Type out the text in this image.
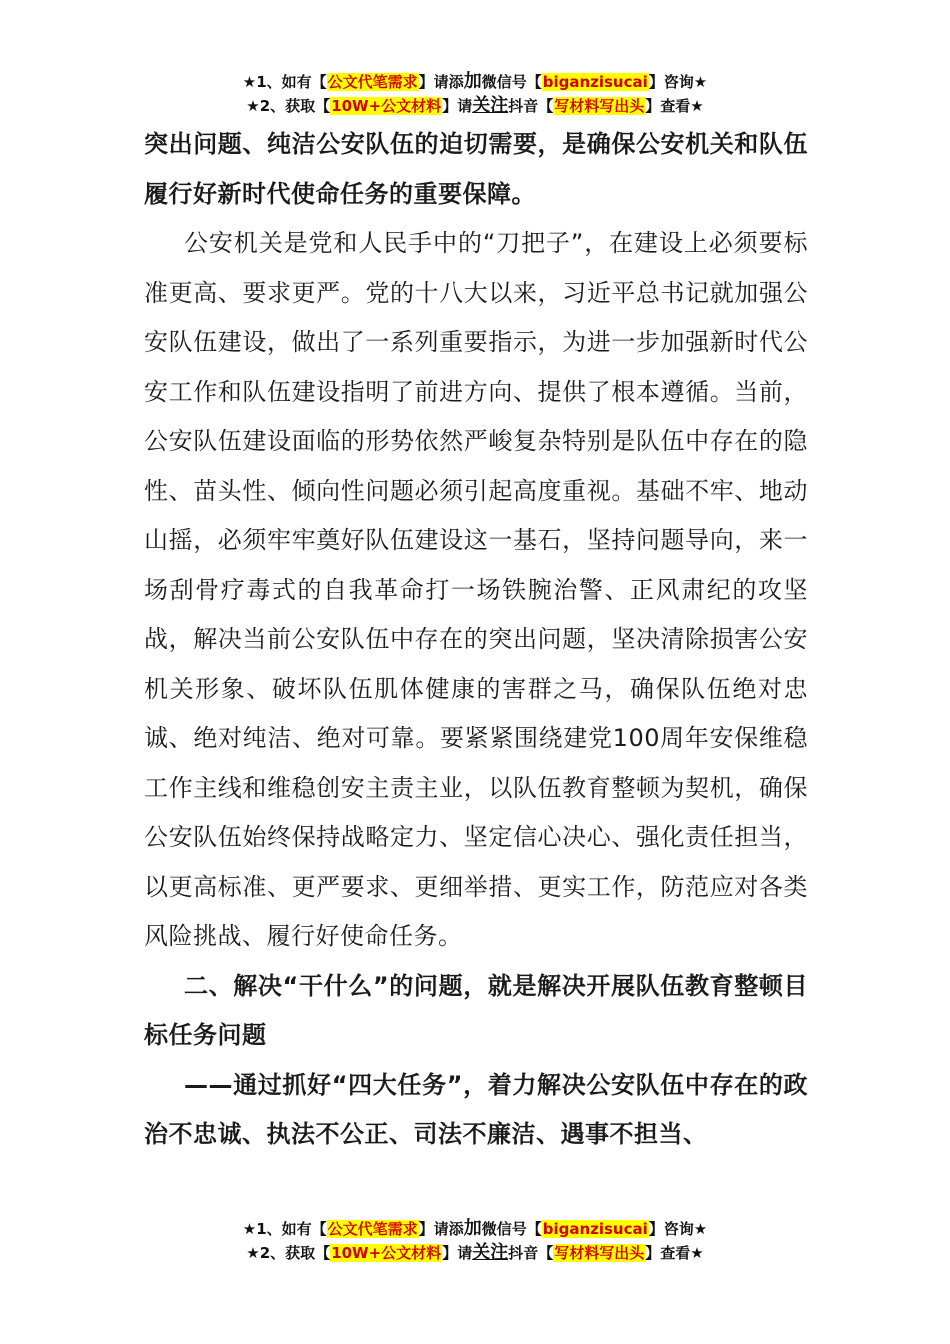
★1、如有【公文代笔需求】请添加微信号【biganzisucai】咨询★
★2、获取【10W+公文材料】请关注抖音【写材料写出头】查看★

突出问题、纯洁公安队伍的迫切需要，是确保公安机关和队伍履行好新时代使命任务的重要保障。

公安机关是党和人民手中的“刀把子”，在建设上必须要标准更高、要求更严。党的十八大以来，习近平总书记就加强公安队伍建设，做出了一系列重要指示，为进一步加强新时代公安工作和队伍建设指明了前进方向、提供了根本遵循。当前，公安队伍建设面临的形势依然严峻复杂特别是队伍中存在的隐性、苗头性、倾向性问题必须引起高度重视。基础不牢、地动山摇，必须牢牢奠好队伍建设这一基石，坚持问题导向，来一场刮骨疗毒式的自我革命打一场铁腕治警、正风肃纪的攻坚战，解决当前公安队伍中存在的突出问题，坚决清除损害公安机关形象、破坏队伍肌体健康的害群之马，确保队伍绝对忠诚、绝对纯洁、绝对可靠。要紧紧围绕建党100周年安保维稳工作主线和维稳创安主责主业，以队伍教育整顿为契机，确保公安队伍始终保持战略定力、坚定信心决心、强化责任担当，以更高标准、更严要求、更细举措、更实工作，防范应对各类风险挑战、履行好使命任务。

二、解决“干什么”的问题，就是解决开展队伍教育整顿目标任务问题

——通过抓好“四大任务”，着力解决公安队伍中存在的政治不忠诚、执法不公正、司法不廉洁、遇事不担当、

★1、如有【公文代笔需求】请添加微信号【biganzisucai】咨询★
★2、获取【10W+公文材料】请关注抖音【写材料写出头】查看★
